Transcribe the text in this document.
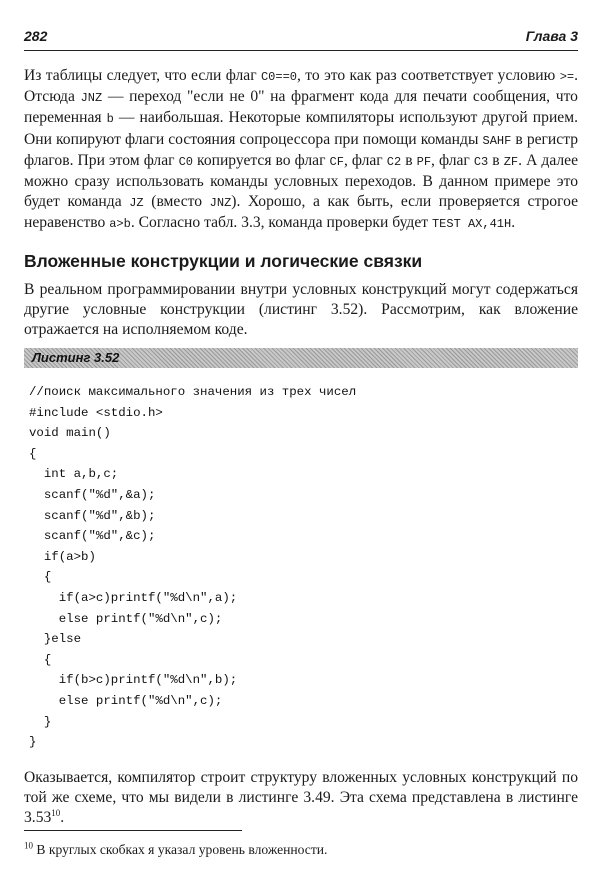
282	Глава 3
Из таблицы следует, что если флаг C0==0, то это как раз соответствует условию >=. Отсюда JNZ — переход "если не 0" на фрагмент кода для печати сообщения, что переменная b — наибольшая. Некоторые компиляторы используют другой прием. Они копируют флаги состояния сопроцессора при помощи команды SAHF в регистр флагов. При этом флаг C0 копируется во флаг CF, флаг C2 в PF, флаг C3 в ZF. А далее можно сразу использовать команды условных переходов. В данном примере это будет команда JZ (вместо JNZ). Хорошо, а как быть, если проверяется строгое неравенство a>b. Согласно табл. 3.3, команда проверки будет TEST AX,41H.
Вложенные конструкции и логические связки
В реальном программировании внутри условных конструкций могут содержаться другие условные конструкции (листинг 3.52). Рассмотрим, как вложение отражается на исполняемом коде.
Листинг 3.52
//поиск максимального значения из трех чисел
#include <stdio.h>
void main()
{
int a,b,c;
scanf("%d",&a);
scanf("%d",&b);
scanf("%d",&c);
if(a>b)
{
if(a>c)printf("%d\n",a);
else printf("%d\n",c);
}else
{
if(b>c)printf("%d\n",b);
else printf("%d\n",c);
}
}
Оказывается, компилятор строит структуру вложенных условных конструкций по той же схеме, что мы видели в листинге 3.49. Эта схема представлена в листинге 3.53$^{10}$.
$^{10}$ В круглых скобках я указал уровень вложенности.
